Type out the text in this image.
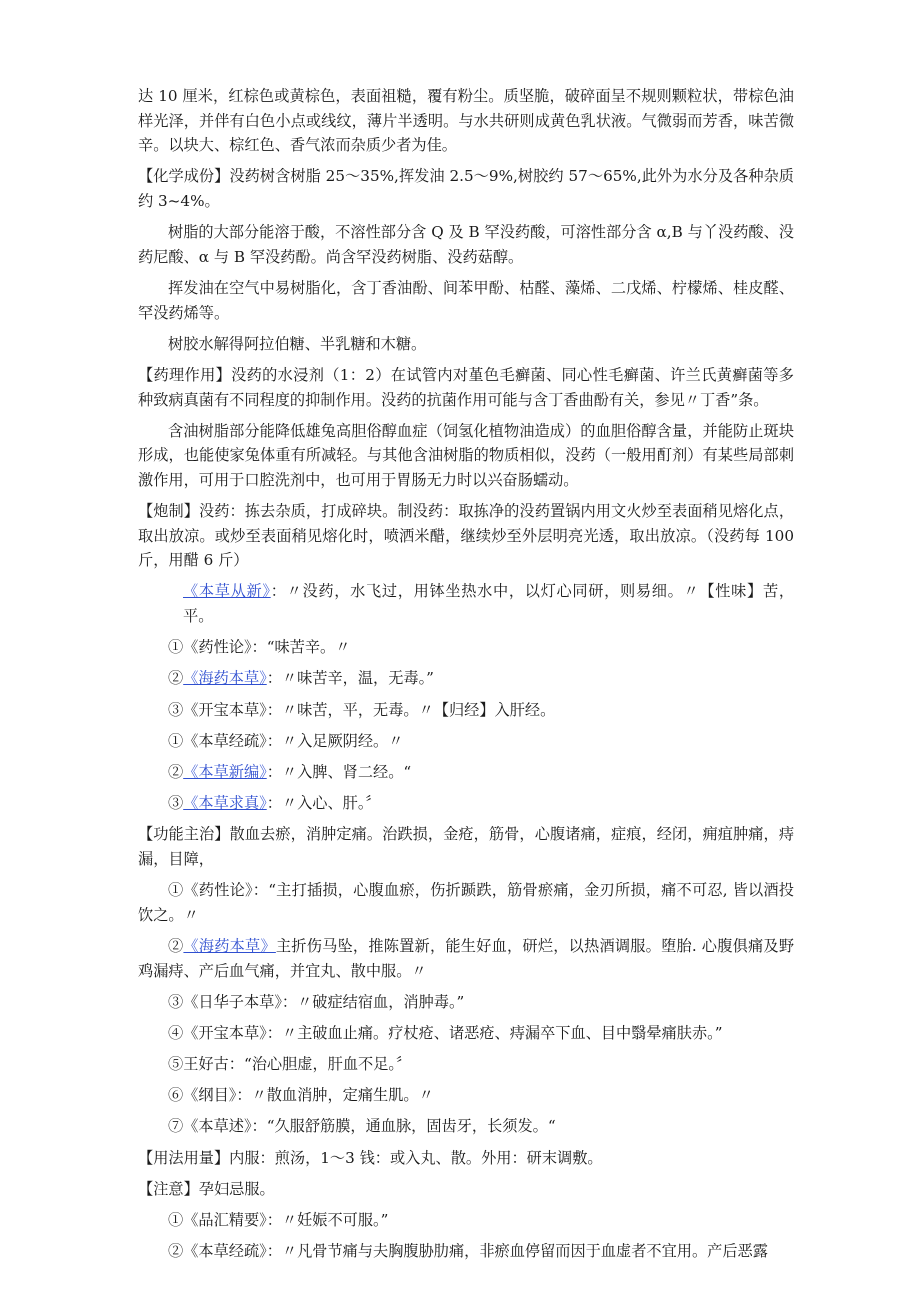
达 10 厘米，红棕色或黄棕色，表面祖糙，覆有粉尘。质坚脆，破碎面呈不规则颗粒状，带棕色油样光泽，并伴有白色小点或线纹，薄片半透明。与水共研则成黄色乳状液。气微弱而芳香，味苦微辛。以块大、棕红色、香气浓而杂质少者为佳。

【化学成份】没药树含树脂 25～35%,挥发油 2.5～9%,树胶约 57～65%,此外为水分及各种杂质约 3~4%。

树脂的大部分能溶于酸，不溶性部分含 Q 及 B 罕没药酸，可溶性部分含 α,B 与丫没药酸、没药尼酸、α 与 B 罕没药酚。尚含罕没药树脂、没药菇醇。

挥发油在空气中易树脂化，含丁香油酚、间苯甲酚、枯醛、藻烯、二戊烯、柠檬烯、桂皮醛、罕没药烯等。

树胶水解得阿拉伯糖、半乳糖和木糖。

【药理作用】没药的水浸剂（1：2）在试管内对堇色毛癣菌、同心性毛癣菌、许兰氏黄癣菌等多种致病真菌有不同程度的抑制作用。没药的抗菌作用可能与含丁香曲酚有关，参见〃丁香”条。

含油树脂部分能降低雄兔高胆俗醇血症（饲氢化植物油造成）的血胆俗醇含量，并能防止斑块形成，也能使家兔体重有所减轻。与其他含油树脂的物质相似，没药（一般用酊剂）有某些局部刺激作用，可用于口腔洗剂中，也可用于胃肠无力时以兴奋肠蠕动。

【炮制】没药：拣去杂质，打成碎块。制没药：取拣净的没药置锅内用文火炒至表面稍见熔化点，取出放凉。或炒至表面稍见熔化时，喷洒米醋，继续炒至外层明亮光透，取出放凉。（没药每 100 斤，用醋 6 斤）

《本草从新》：〃没药，水飞过，用钵坐热水中，以灯心同研，则易细。〃【性味】苦，平。

①《药性论》：“味苦辛。〃

②《海药本草》：〃味苦辛，温，无毒。”

③《开宝本草》：〃味苦，平，无毒。〃【归经】入肝经。

①《本草经疏》：〃入足厥阴经。〃

②《本草新编》：〃入脾、肾二经。“

③《本草求真》：〃入心、肝。〞

【功能主治】散血去瘀，消肿定痛。治跌损，金疮，筋骨，心腹诸痛，症痕，经闭，痈疽肿痛，痔漏，目障，

①《药性论》：“主打插损，心腹血瘀，伤折踬跌，筋骨瘀痛，金刃所损，痛不可忍, 皆以酒投饮之。〃

②《海药本草》主折伤马坠，推陈置新，能生好血，研烂，以热酒调服。堕胎. 心腹俱痛及野鸡漏痔、产后血气痛，并宜丸、散中服。〃

③《日华子本草》：〃破症结宿血，消肿毒。”

④《开宝本草》：〃主破血止痛。疗杖疮、诸恶疮、痔漏卒下血、目中翳晕痛肤赤。”

⑤王好古：“治心胆虚，肝血不足。〞

⑥《纲目》：〃散血消肿，定痛生肌。〃

⑦《本草述》：“久服舒筋膜，通血脉，固齿牙，长须发。“

【用法用量】内服：煎汤，1～3 钱：或入丸、散。外用：研末调敷。

【注意】孕妇忌服。

①《品汇精要》：〃妊娠不可服。”

②《本草经疏》：〃凡骨节痛与夫胸腹胁肋痛，非瘀血停留而因于血虚者不宜用。产后恶露
